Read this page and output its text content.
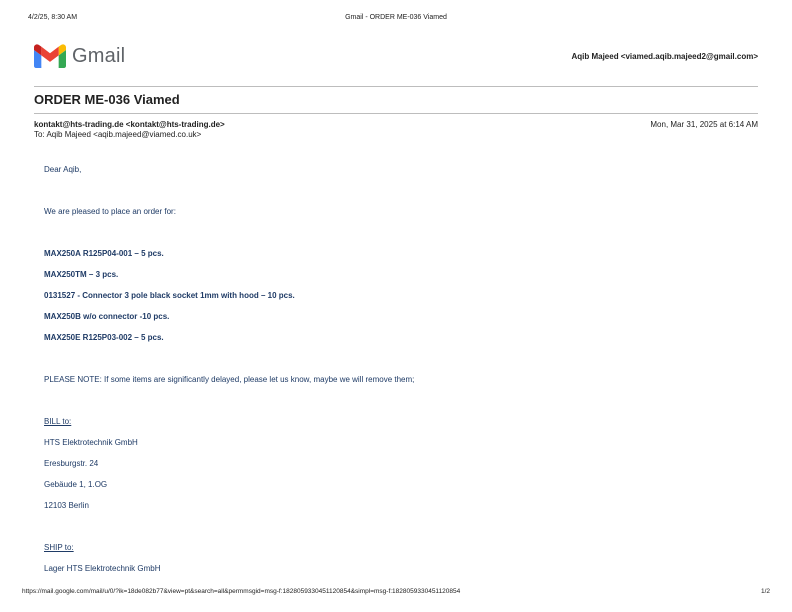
4/2/25, 8:30 AM	Gmail - ORDER ME-036 Viamed
Gmail	Aqib Majeed <viamed.aqib.majeed2@gmail.com>
ORDER ME-036 Viamed
kontakt@hts-trading.de <kontakt@hts-trading.de>	Mon, Mar 31, 2025 at 6:14 AM
To: Aqib Majeed <aqib.majeed@viamed.co.uk>
Dear Aqib,
We are pleased to place an order for:
MAX250A R125P04-001 – 5 pcs.
MAX250TM – 3 pcs.
0131527 - Connector 3 pole black socket 1mm with hood – 10 pcs.
MAX250B w/o connector -10 pcs.
MAX250E R125P03-002 – 5 pcs.
PLEASE NOTE: If some items are significantly delayed, please let us know, maybe we will remove them;
BILL to:
HTS Elektrotechnik GmbH
Eresburgstr. 24
Gebäude 1, 1.OG
12103 Berlin
SHIP to:
Lager HTS Elektrotechnik GmbH
https://mail.google.com/mail/u/0/?ik=18de082b77&view=pt&search=all&permmsgid=msg-f:1828059330451120854&simpl=msg-f:1828059330451120854	1/2
